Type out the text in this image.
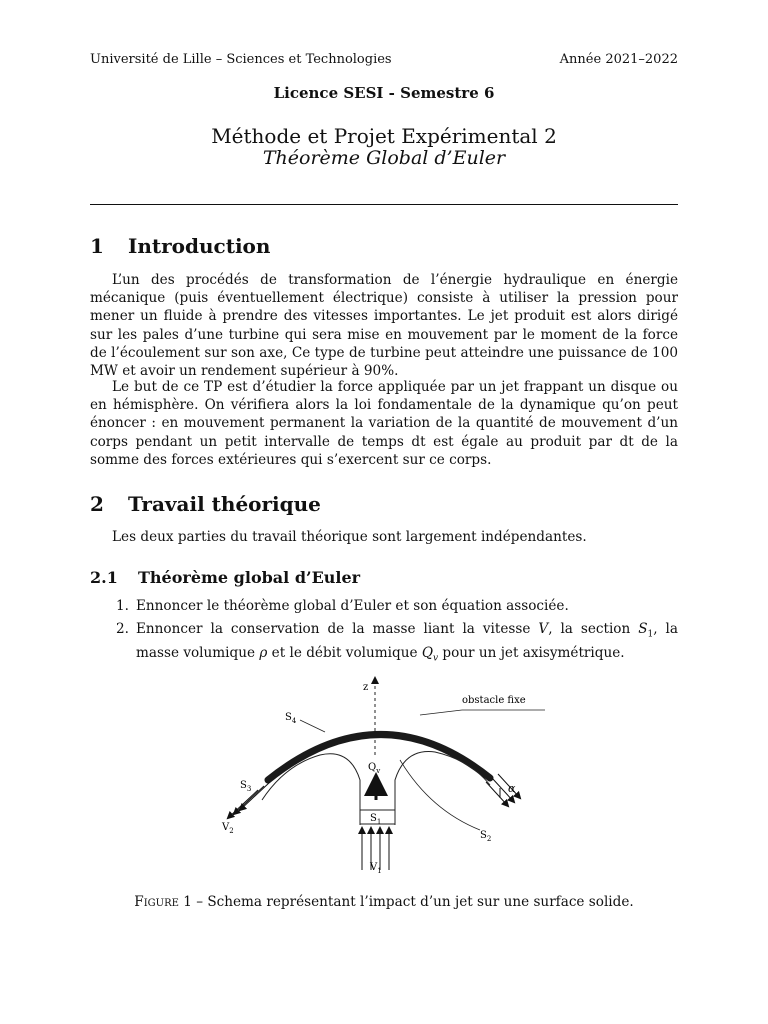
Université de Lille – Sciences et Technologies	Année 2021–2022
Licence SESI - Semestre 6
Méthode et Projet Expérimental 2
Théorème Global d’Euler
1 Introduction
L’un des procédés de transformation de l’énergie hydraulique en énergie mécanique (puis éventuellement électrique) consiste à utiliser la pression pour mener un fluide à prendre des vitesses importantes. Le jet produit est alors dirigé sur les pales d’une turbine qui sera mise en mouvement par le moment de la force de l’écoulement sur son axe, Ce type de turbine peut atteindre une puissance de 100 MW et avoir un rendement supérieur à 90%.
Le but de ce TP est d’étudier la force appliquée par un jet frappant un disque ou en hémisphère. On vérifiera alors la loi fondamentale de la dynamique qu’on peut énoncer : en mouvement permanent la variation de la quantité de mouvement d’un corps pendant un petit intervalle de temps dt est égale au produit par dt de la somme des forces extérieures qui s’exercent sur ce corps.
2 Travail théorique
Les deux parties du travail théorique sont largement indépendantes.
2.1 Théorème global d’Euler
1. Ennoncer le théorème global d’Euler et son équation associée.
2. Ennoncer la conservation de la masse liant la vitesse V, la section $S_1$, la masse volumique ρ et le débit volumique $Q_v$ pour un jet axisymétrique.
z
obstacle fixe
$S_4$
$Q_v$
$S_1$
$V_1$
$S_3$
$V_2$
α
$S_2$
Figure 1 – Schema représentant l’impact d’un jet sur une surface solide.
